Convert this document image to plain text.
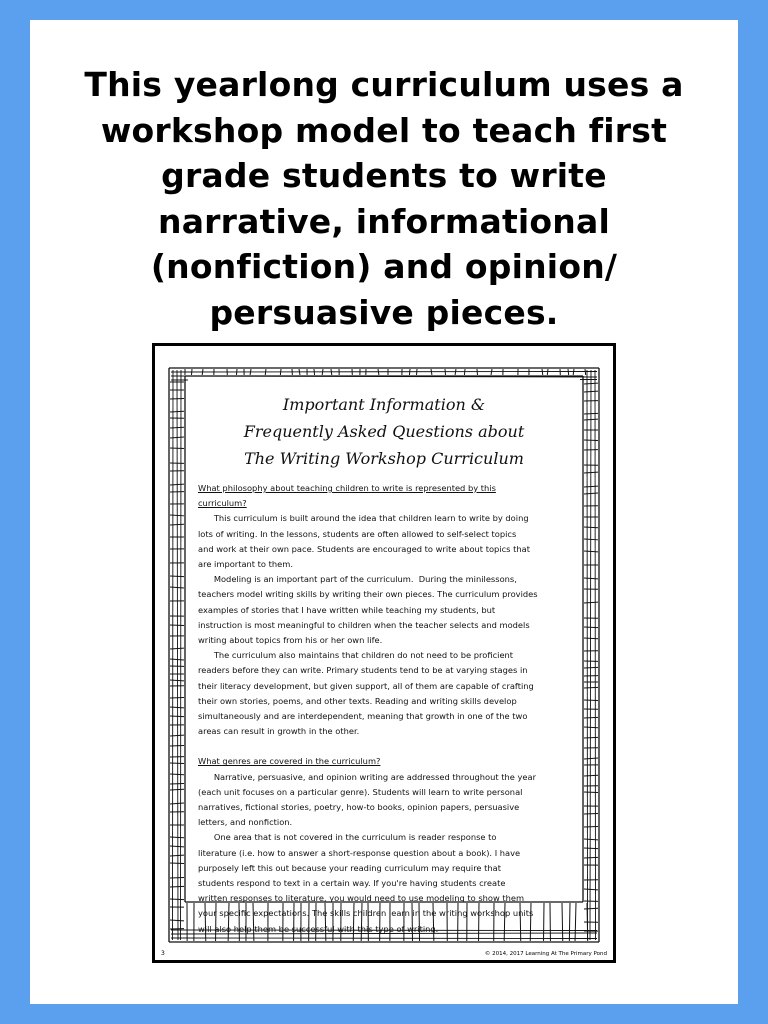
This yearlong curriculum uses a
workshop model to teach first
grade students to write
narrative, informational
(nonfiction) and opinion/
persuasive pieces.
Important Information &
Frequently Asked Questions about
The Writing Workshop Curriculum
What philosophy about teaching children to write is represented by this
curriculum?
This curriculum is built around the idea that children learn to write by doing
lots of writing. In the lessons, students are often allowed to self-select topics
and work at their own pace. Students are encouraged to write about topics that
are important to them.
Modeling is an important part of the curriculum.  During the minilessons,
teachers model writing skills by writing their own pieces. The curriculum provides
examples of stories that I have written while teaching my students, but
instruction is most meaningful to children when the teacher selects and models
writing about topics from his or her own life.
The curriculum also maintains that children do not need to be proficient
readers before they can write. Primary students tend to be at varying stages in
their literacy development, but given support, all of them are capable of crafting
their own stories, poems, and other texts. Reading and writing skills develop
simultaneously and are interdependent, meaning that growth in one of the two
areas can result in growth in the other.
What genres are covered in the curriculum?
Narrative, persuasive, and opinion writing are addressed throughout the year
(each unit focuses on a particular genre). Students will learn to write personal
narratives, fictional stories, poetry, how-to books, opinion papers, persuasive
letters, and nonfiction.
One area that is not covered in the curriculum is reader response to
literature (i.e. how to answer a short-response question about a book). I have
purposely left this out because your reading curriculum may require that
students respond to text in a certain way. If you're having students create
written responses to literature, you would need to use modeling to show them
your specific expectations. The skills children learn in the writing workshop units
will also help them be successful with this type of writing.
3	© 2014, 2017 Learning At The Primary Pond
